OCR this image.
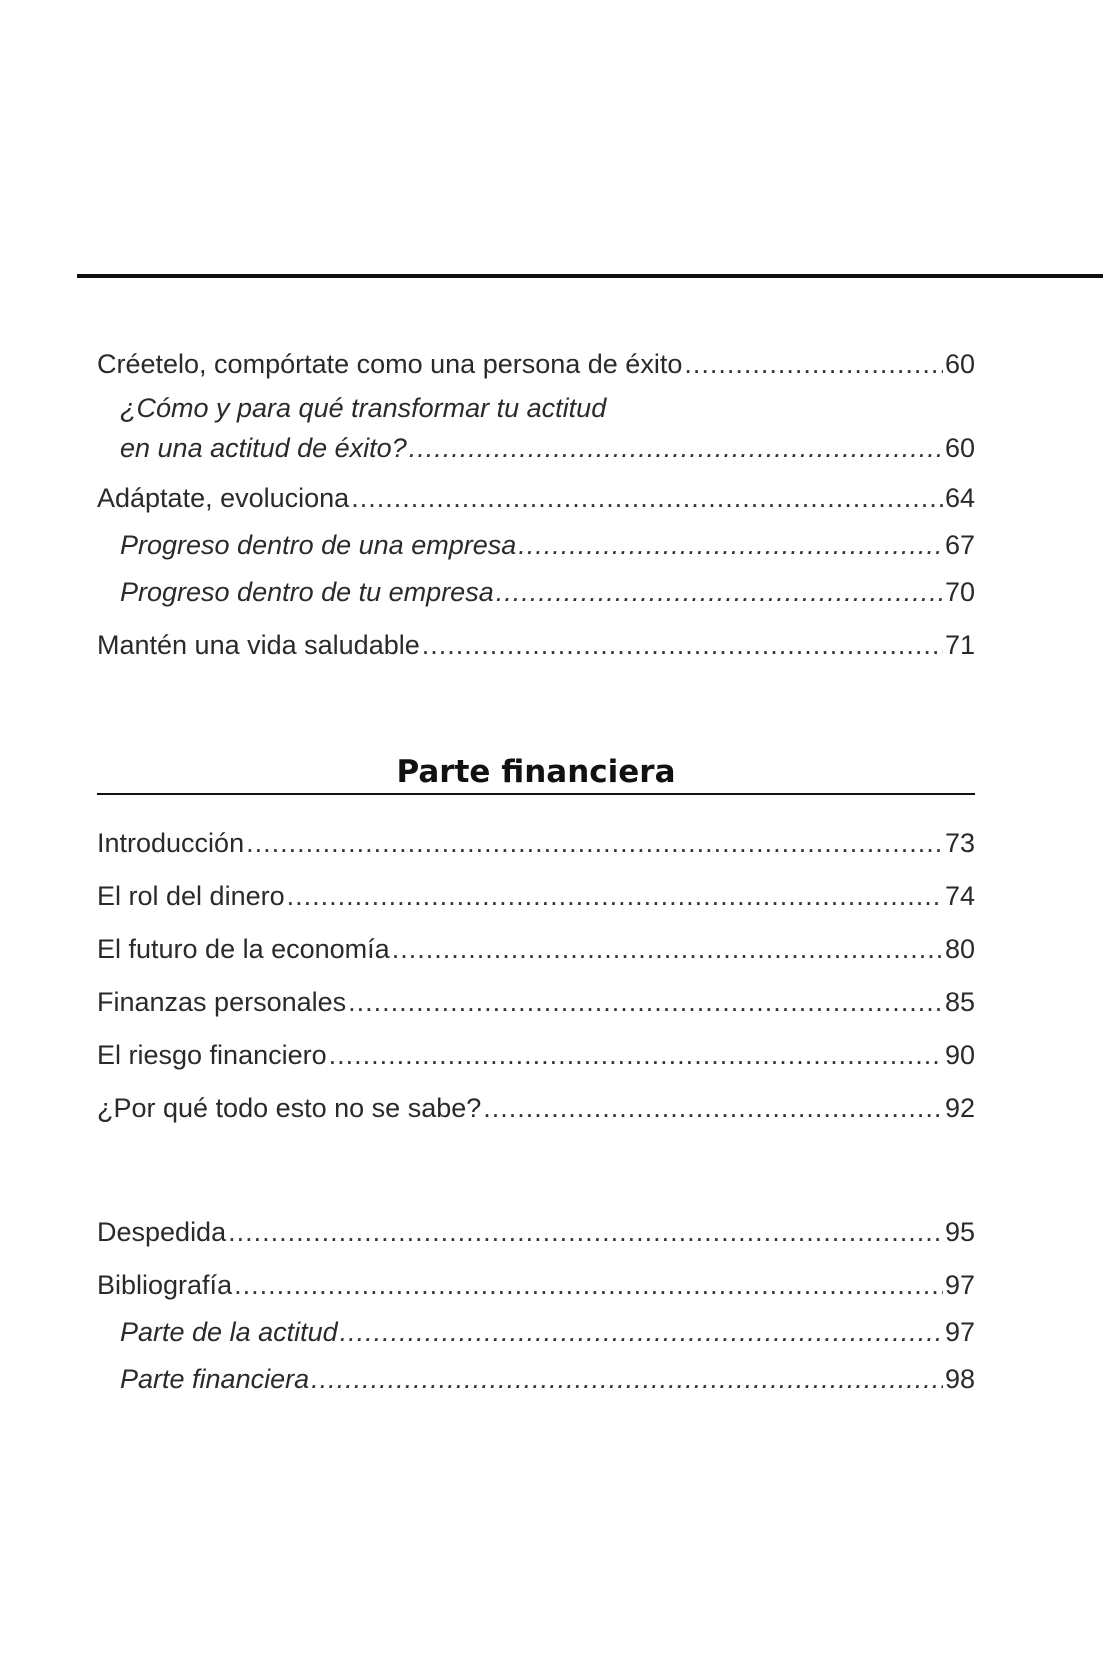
Créetelo, compórtate como una persona de éxito .....	60
¿Cómo y para qué transformar tu actitud
en una actitud de éxito? .....	60
Adáptate, evoluciona .....	64
Progreso dentro de una empresa .....	67
Progreso dentro de tu empresa .....	70
Mantén una vida saludable .....	71
Parte financiera
Introducción .....	73
El rol del dinero .....	74
El futuro de la economía .....	80
Finanzas personales .....	85
El riesgo financiero .....	90
¿Por qué todo esto no se sabe? .....	92
Despedida .....	95
Bibliografía .....	97
Parte de la actitud .....	97
Parte financiera .....	98
